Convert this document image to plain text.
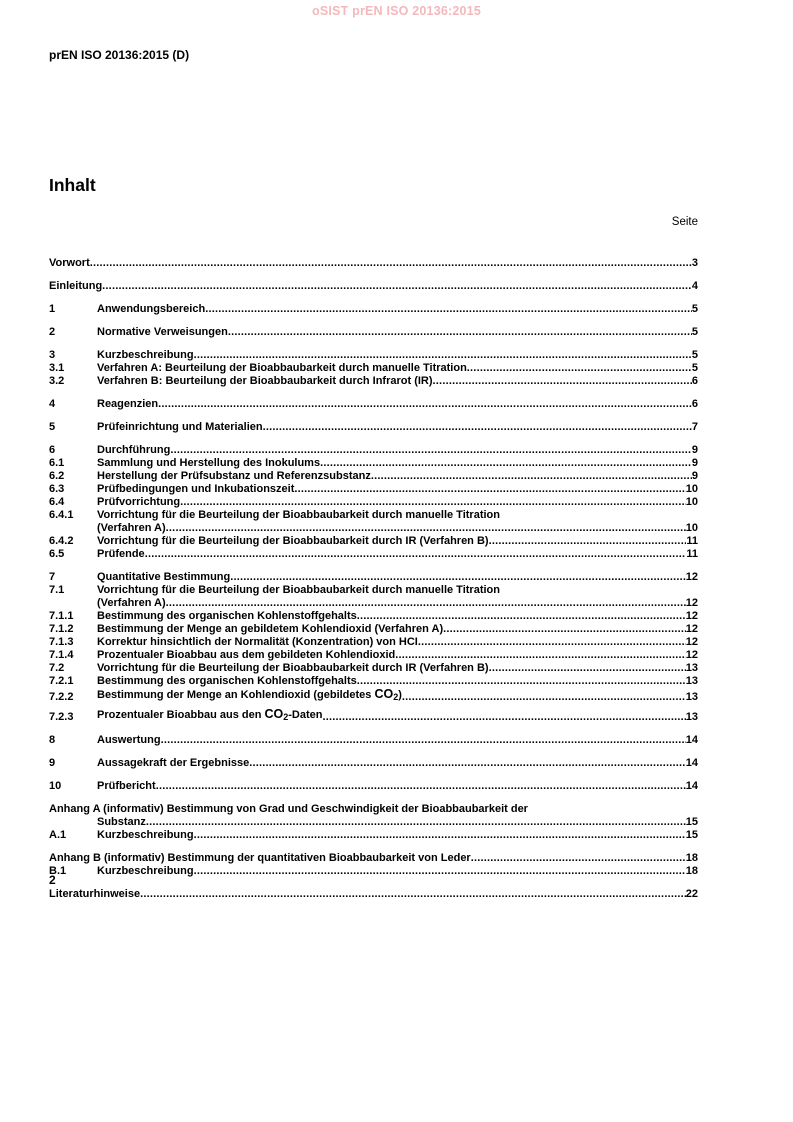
oSIST prEN ISO 20136:2015
prEN ISO 20136:2015 (D)
Inhalt
Seite
Vorwort .....	3
Einleitung .....	4
1	Anwendungsbereich .....	5
2	Normative Verweisungen .....	5
3	Kurzbeschreibung .....	5
3.1	Verfahren A: Beurteilung der Bioabbaubarkeit durch manuelle Titration .....	5
3.2	Verfahren B: Beurteilung der Bioabbaubarkeit durch Infrarot (IR) .....	6
4	Reagenzien .....	6
5	Prüfeinrichtung und Materialien .....	7
6	Durchführung .....	9
6.1	Sammlung und Herstellung des Inokulums .....	9
6.2	Herstellung der Prüfsubstanz und Referenzsubstanz .....	9
6.3	Prüfbedingungen und Inkubationszeit .....	10
6.4	Prüfvorrichtung .....	10
6.4.1	Vorrichtung für die Beurteilung der Bioabbaubarkeit durch manuelle Titration
(Verfahren A) .....	10
6.4.2	Vorrichtung für die Beurteilung der Bioabbaubarkeit durch IR (Verfahren B) .....	11
6.5	Prüfende .....	11
7	Quantitative Bestimmung .....	12
7.1	Vorrichtung für die Beurteilung der Bioabbaubarkeit durch manuelle Titration
(Verfahren A) .....	12
7.1.1	Bestimmung des organischen Kohlenstoffgehalts .....	12
7.1.2	Bestimmung der Menge an gebildetem Kohlendioxid (Verfahren A) .....	12
7.1.3	Korrektur hinsichtlich der Normalität (Konzentration) von HCI .....	12
7.1.4	Prozentualer Bioabbau aus dem gebildeten Kohlendioxid .....	12
7.2	Vorrichtung für die Beurteilung der Bioabbaubarkeit durch IR (Verfahren B) .....	13
7.2.1	Bestimmung des organischen Kohlenstoffgehalts .....	13
7.2.2	Bestimmung der Menge an Kohlendioxid (gebildetes $CO_2$) .....	13
7.2.3	Prozentualer Bioabbau aus den $CO_2$-Daten .....	13
8	Auswertung .....	14
9	Aussagekraft der Ergebnisse .....	14
10	Prüfbericht .....	14
Anhang A (informativ) Bestimmung von Grad und Geschwindigkeit der Bioabbaubarkeit der
Substanz .....	15
A.1	Kurzbeschreibung .....	15
Anhang B (informativ) Bestimmung der quantitativen Bioabbaubarkeit von Leder .....	18
B.1	Kurzbeschreibung .....	18
Literaturhinweise .....	22
2
